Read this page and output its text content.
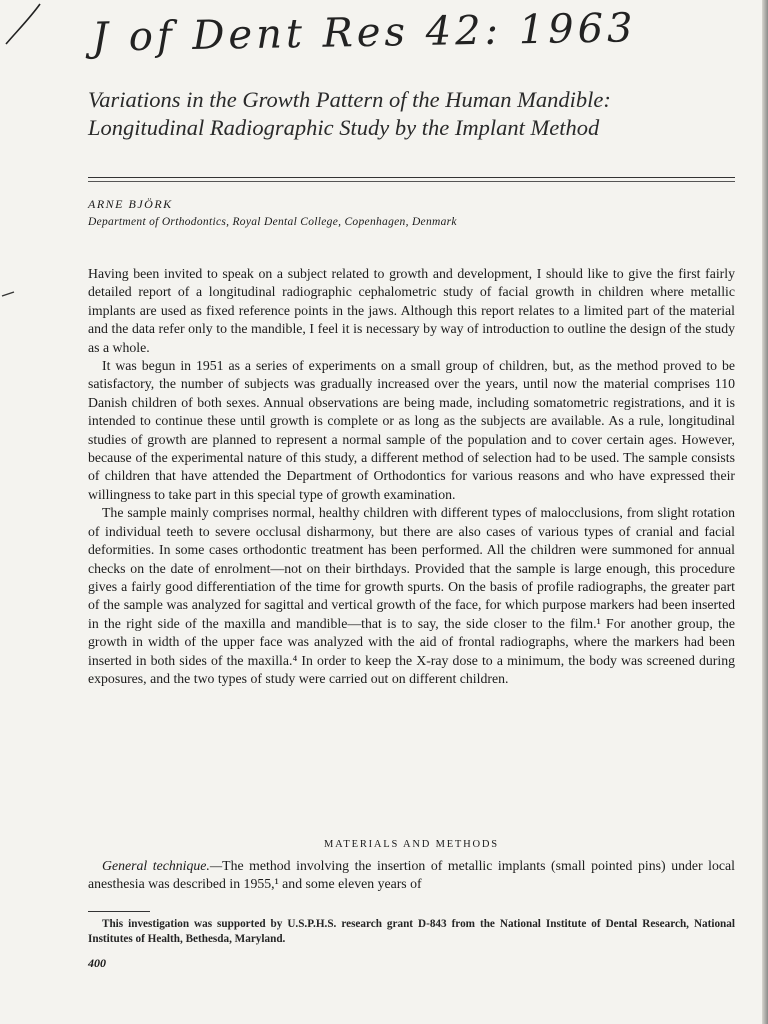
J of Dent Res 42: 1963
Variations in the Growth Pattern of the Human Mandible: Longitudinal Radiographic Study by the Implant Method
ARNE BJÖRK
Department of Orthodontics, Royal Dental College, Copenhagen, Denmark

Having been invited to speak on a subject related to growth and development, I should like to give the first fairly detailed report of a longitudinal radiographic cephalometric study of facial growth in children where metallic implants are used as fixed reference points in the jaws. Although this report relates to a limited part of the material and the data refer only to the mandible, I feel it is necessary by way of introduction to outline the design of the study as a whole.

It was begun in 1951 as a series of experiments on a small group of children, but, as the method proved to be satisfactory, the number of subjects was gradually increased over the years, until now the material comprises 110 Danish children of both sexes. Annual observations are being made, including somatometric registrations, and it is intended to continue these until growth is complete or as long as the subjects are available. As a rule, longitudinal studies of growth are planned to represent a normal sample of the population and to cover certain ages. However, because of the experimental nature of this study, a different method of selection had to be used. The sample consists of children that have attended the Department of Orthodontics for various reasons and who have expressed their willingness to take part in this special type of growth examination.

The sample mainly comprises normal, healthy children with different types of malocclusions, from slight rotation of individual teeth to severe occlusal disharmony, but there are also cases of various types of cranial and facial deformities. In some cases orthodontic treatment has been performed. All the children were summoned for annual checks on the date of enrolment—not on their birthdays. Provided that the sample is large enough, this procedure gives a fairly good differentiation of the time for growth spurts. On the basis of profile radiographs, the greater part of the sample was analyzed for sagittal and vertical growth of the face, for which purpose markers had been inserted in the right side of the maxilla and mandible—that is to say, the side closer to the film.¹ For another group, the growth in width of the upper face was analyzed with the aid of frontal radiographs, where the markers had been inserted in both sides of the maxilla.⁴ In order to keep the X-ray dose to a minimum, the body was screened during exposures, and the two types of study were carried out on different children.

MATERIALS AND METHODS
General technique.—The method involving the insertion of metallic implants (small pointed pins) under local anesthesia was described in 1955,¹ and some eleven years of
This investigation was supported by U.S.P.H.S. research grant D-843 from the National Institute of Dental Research, National Institutes of Health, Bethesda, Maryland.
400
